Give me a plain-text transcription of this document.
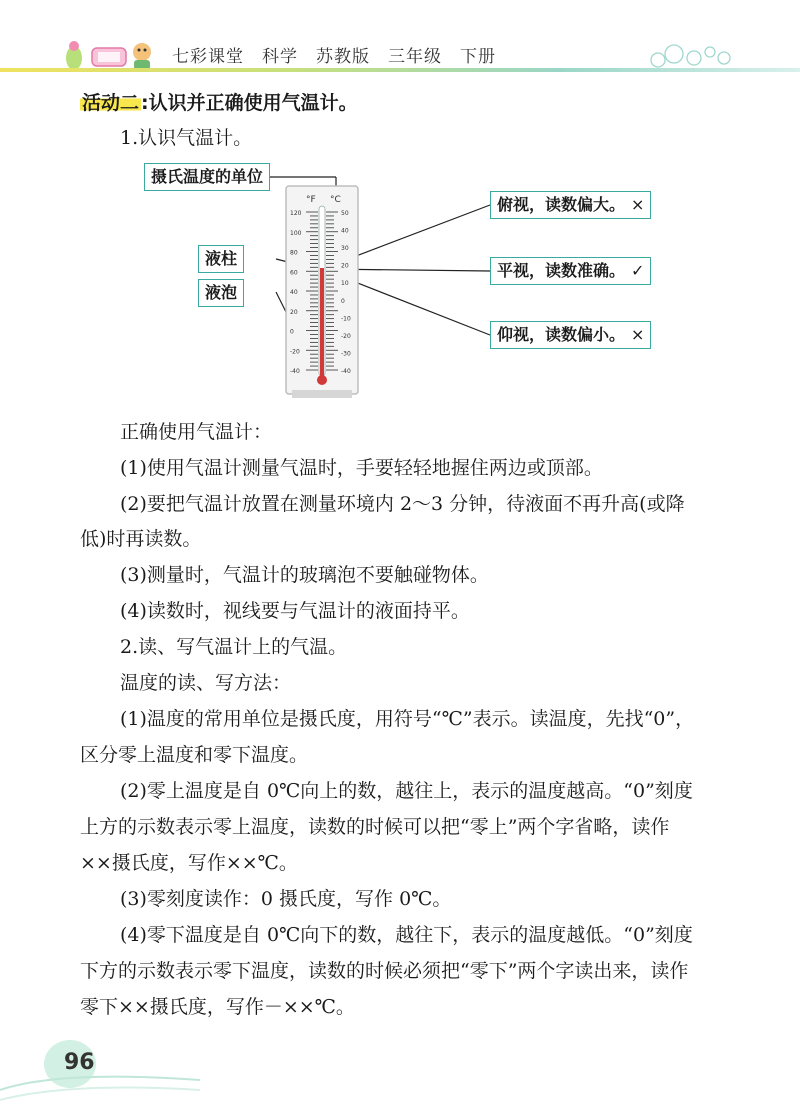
七彩课堂 科学 苏教版 三年级 下册
活动二 :认识并正确使用气温计。
1.认识气温计。
°F °C
120
100
80
60
40
20
0
-20
-40
50
40
30
20
10
0
-10
-20
-30
-40
摄氏温度的单位
液柱
液泡
俯视，读数偏大。 ×
平视，读数准确。 ✓
仰视，读数偏小。 ×
正确使用气温计：
(1)使用气温计测量气温时，手要轻轻地握住两边或顶部。
(2)要把气温计放置在测量环境内 2～3 分钟，待液面不再升高(或降
低)时再读数。
(3)测量时，气温计的玻璃泡不要触碰物体。
(4)读数时，视线要与气温计的液面持平。
2.读、写气温计上的气温。
温度的读、写方法：
(1)温度的常用单位是摄氏度，用符号“℃”表示。读温度，先找“0”，
区分零上温度和零下温度。
(2)零上温度是自 0℃向上的数，越往上，表示的温度越高。“0”刻度
上方的示数表示零上温度，读数的时候可以把“零上”两个字省略，读作
××摄氏度，写作××℃。
(3)零刻度读作：0 摄氏度，写作 0℃。
(4)零下温度是自 0℃向下的数，越往下，表示的温度越低。“0”刻度
下方的示数表示零下温度，读数的时候必须把“零下”两个字读出来，读作
零下××摄氏度，写作－××℃。
96
